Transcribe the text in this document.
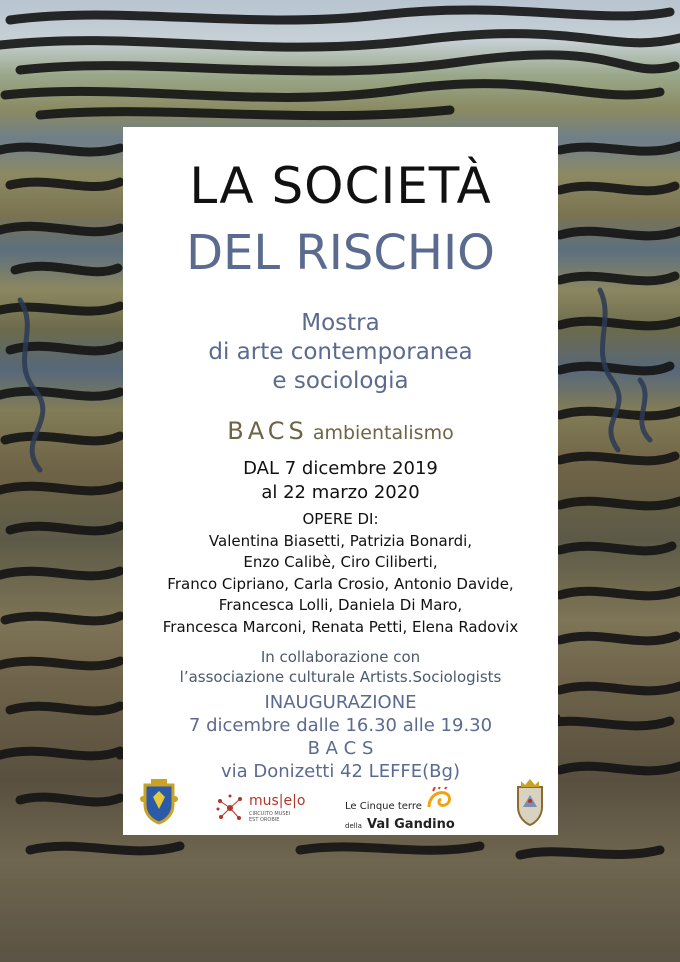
LA SOCIETÀ
DEL RISCHIO
Mostra
di arte contemporanea
e sociologia
BACS ambientalismo
DAL 7 dicembre 2019
al 22 marzo 2020
OPERE DI:
Valentina Biasetti, Patrizia Bonardi,
Enzo Calibè, Ciro Ciliberti,
Franco Cipriano, Carla Crosio, Antonio Davide,
Francesca Lolli, Daniela Di Maro,
Francesca Marconi, Renata Petti, Elena Radovix
In collaborazione con
l’associazione culturale Artists.Sociologists
INAUGURAZIONE
7 dicembre dalle 16.30 alle 19.30
B A C S
via Donizetti 42 LEFFE(Bg)
mus|e|o
CIRCUITO MUSEI
EST OROBIE
Le Cinque terre
della Val Gandino
